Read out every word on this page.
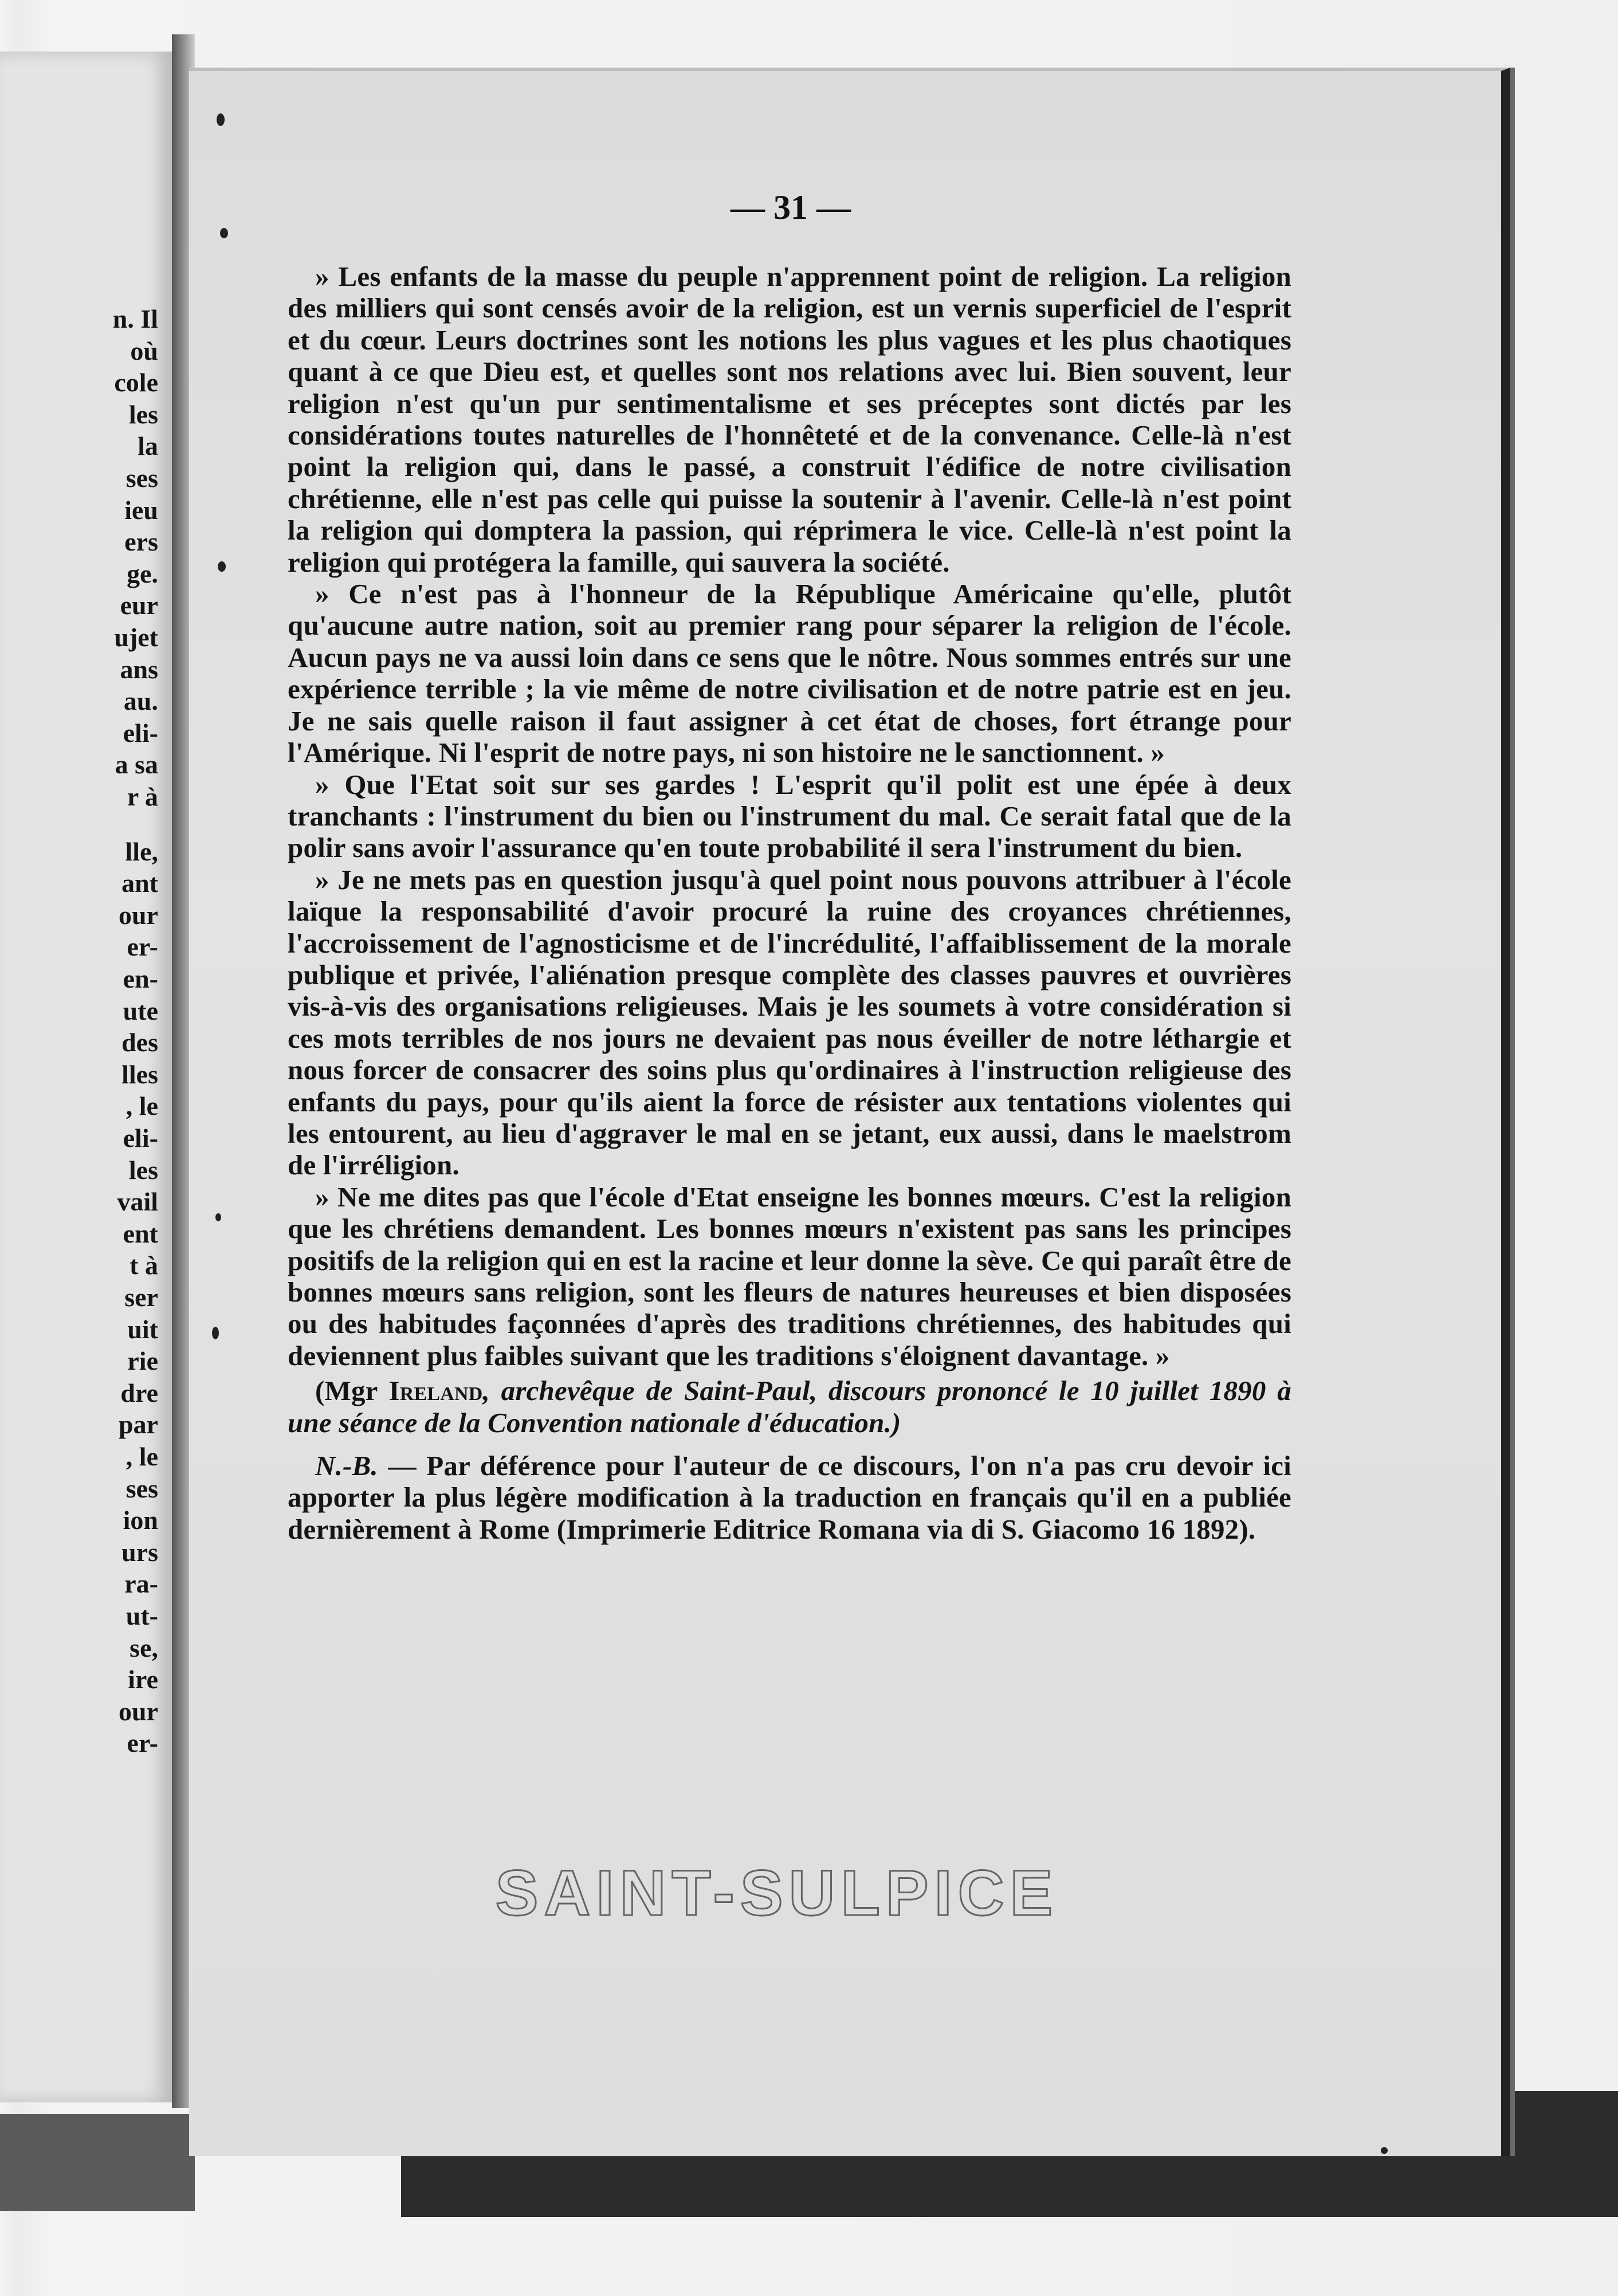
n. Il
où
cole
les
la
ses
ieu
ers
ge.
eur
ujet
ans
au.
eli-
a sa
r à
lle,
ant
our
er-
en-
ute
des
lles
, le
eli-
les
vail
ent
t à
ser
uit
rie
dre
par
, le
ses
ion
urs
ra-
ut-
se,
ire
our
er-
— 31 —

» Les enfants de la masse du peuple n'apprennent point de religion. La religion des milliers qui sont censés avoir de la religion, est un vernis superficiel de l'esprit et du cœur. Leurs doctrines sont les notions les plus vagues et les plus chaotiques quant à ce que Dieu est, et quelles sont nos relations avec lui. Bien souvent, leur religion n'est qu'un pur sentimentalisme et ses préceptes sont dictés par les considérations toutes naturelles de l'honnêteté et de la convenance. Celle-là n'est point la religion qui, dans le passé, a construit l'édifice de notre civilisation chrétienne, elle n'est pas celle qui puisse la soutenir à l'avenir. Celle-là n'est point la religion qui domptera la passion, qui réprimera le vice. Celle-là n'est point la religion qui protégera la famille, qui sauvera la société.

» Ce n'est pas à l'honneur de la République Américaine qu'elle, plutôt qu'aucune autre nation, soit au premier rang pour séparer la religion de l'école. Aucun pays ne va aussi loin dans ce sens que le nôtre. Nous sommes entrés sur une expérience terrible ; la vie même de notre civilisation et de notre patrie est en jeu. Je ne sais quelle raison il faut assigner à cet état de choses, fort étrange pour l'Amérique. Ni l'esprit de notre pays, ni son histoire ne le sanctionnent. »

» Que l'Etat soit sur ses gardes ! L'esprit qu'il polit est une épée à deux tranchants : l'instrument du bien ou l'instrument du mal. Ce serait fatal que de la polir sans avoir l'assurance qu'en toute probabilité il sera l'instrument du bien.

» Je ne mets pas en question jusqu'à quel point nous pouvons attribuer à l'école laïque la responsabilité d'avoir procuré la ruine des croyances chrétiennes, l'accroissement de l'agnosticisme et de l'incrédulité, l'affaiblissement de la morale publique et privée, l'aliénation presque complète des classes pauvres et ouvrières vis-à-vis des organisations religieuses. Mais je les soumets à votre considération si ces mots terribles de nos jours ne devaient pas nous éveiller de notre léthargie et nous forcer de consacrer des soins plus qu'ordinaires à l'instruction religieuse des enfants du pays, pour qu'ils aient la force de résister aux tentations violentes qui les entourent, au lieu d'aggraver le mal en se jetant, eux aussi, dans le maelstrom de l'irréligion.

» Ne me dites pas que l'école d'Etat enseigne les bonnes mœurs. C'est la religion que les chrétiens demandent. Les bonnes mœurs n'existent pas sans les principes positifs de la religion qui en est la racine et leur donne la sève. Ce qui paraît être de bonnes mœurs sans religion, sont les fleurs de natures heureuses et bien disposées ou des habitudes façonnées d'après des traditions chrétiennes, des habitudes qui deviennent plus faibles suivant que les traditions s'éloignent davantage. »

(Mgr Ireland, archevêque de Saint-Paul, discours prononcé le 10 juillet 1890 à une séance de la Convention nationale d'éducation.)

N.-B. — Par déférence pour l'auteur de ce discours, l'on n'a pas cru devoir ici apporter la plus légère modification à la traduction en français qu'il en a publiée dernièrement à Rome (Imprimerie Editrice Romana via di S. Giacomo 16 1892).

SAINT-SULPICE
